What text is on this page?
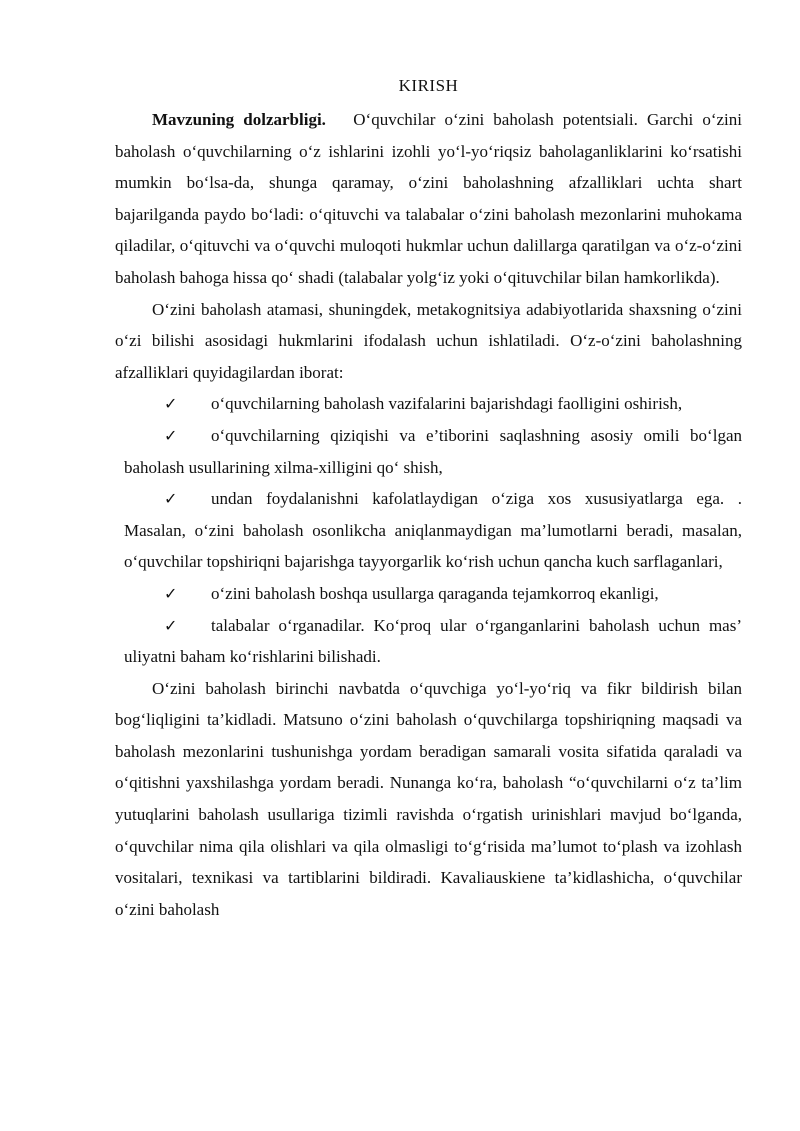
KIRISH

Mavzuning dolzarbligi. O‘quvchilar o‘zini baholash potentsiali. Garchi o‘zini baholash o‘quvchilarning o‘z ishlarini izohli yo‘l-yo‘riqsiz baholaganliklarini ko‘rsatishi mumkin bo‘lsa-da, shunga qaramay, o‘zini baholashning afzalliklari uchta shart bajarilganda paydo bo‘ladi: o‘qituvchi va talabalar o‘zini baholash mezonlarini muhokama qiladilar, o‘qituvchi va o‘quvchi muloqoti hukmlar uchun dalillarga qaratilgan va o‘z-o‘zini baholash bahoga hissa qo‘ shadi (talabalar yolg‘iz yoki o‘qituvchilar bilan hamkorlikda).

O‘zini baholash atamasi, shuningdek, metakognitsiya adabiyotlarida shaxsning o‘zini o‘zi bilishi asosidagi hukmlarini ifodalash uchun ishlatiladi. O‘z-o‘zini baholashning afzalliklari quyidagilardan iborat:

✓ o‘quvchilarning baholash vazifalarini bajarishdagi faolligini oshirish,
✓ o‘quvchilarning qiziqishi va e’tiborini saqlashning asosiy omili bo‘lgan baholash usullarining xilma-xilligini qo‘ shish,
✓ undan foydalanishni kafolatlaydigan o‘ziga xos xususiyatlarga ega. . Masalan, o‘zini baholash osonlikcha aniqlanmaydigan ma’lumotlarni beradi, masalan, o‘quvchilar topshiriqni bajarishga tayyorgarlik ko‘rish uchun qancha kuch sarflaganlari,
✓ o‘zini baholash boshqa usullarga qaraganda tejamkorroq ekanligi,
✓ talabalar o‘rganadilar. Ko‘proq ular o‘rganganlarini baholash uchun mas’ uliyatni baham ko‘rishlarini bilishadi.

O‘zini baholash birinchi navbatda o‘quvchiga yo‘l-yo‘riq va fikr bildirish bilan bog‘liqligini ta’kidladi. Matsuno o‘zini baholash o‘quvchilarga topshiriqning maqsadi va baholash mezonlarini tushunishga yordam beradigan samarali vosita sifatida qaraladi va o‘qitishni yaxshilashga yordam beradi. Nunanga ko‘ra, baholash “o‘quvchilarni o‘z ta’lim yutuqlarini baholash usullariga tizimli ravishda o‘rgatish urinishlari mavjud bo‘lganda, o‘quvchilar nima qila olishlari va qila olmasligi to‘g‘risida ma’lumot to‘plash va izohlash vositalari, texnikasi va tartiblarini bildiradi. Kavaliauskiene ta’kidlashicha, o‘quvchilar o‘zini baholash
